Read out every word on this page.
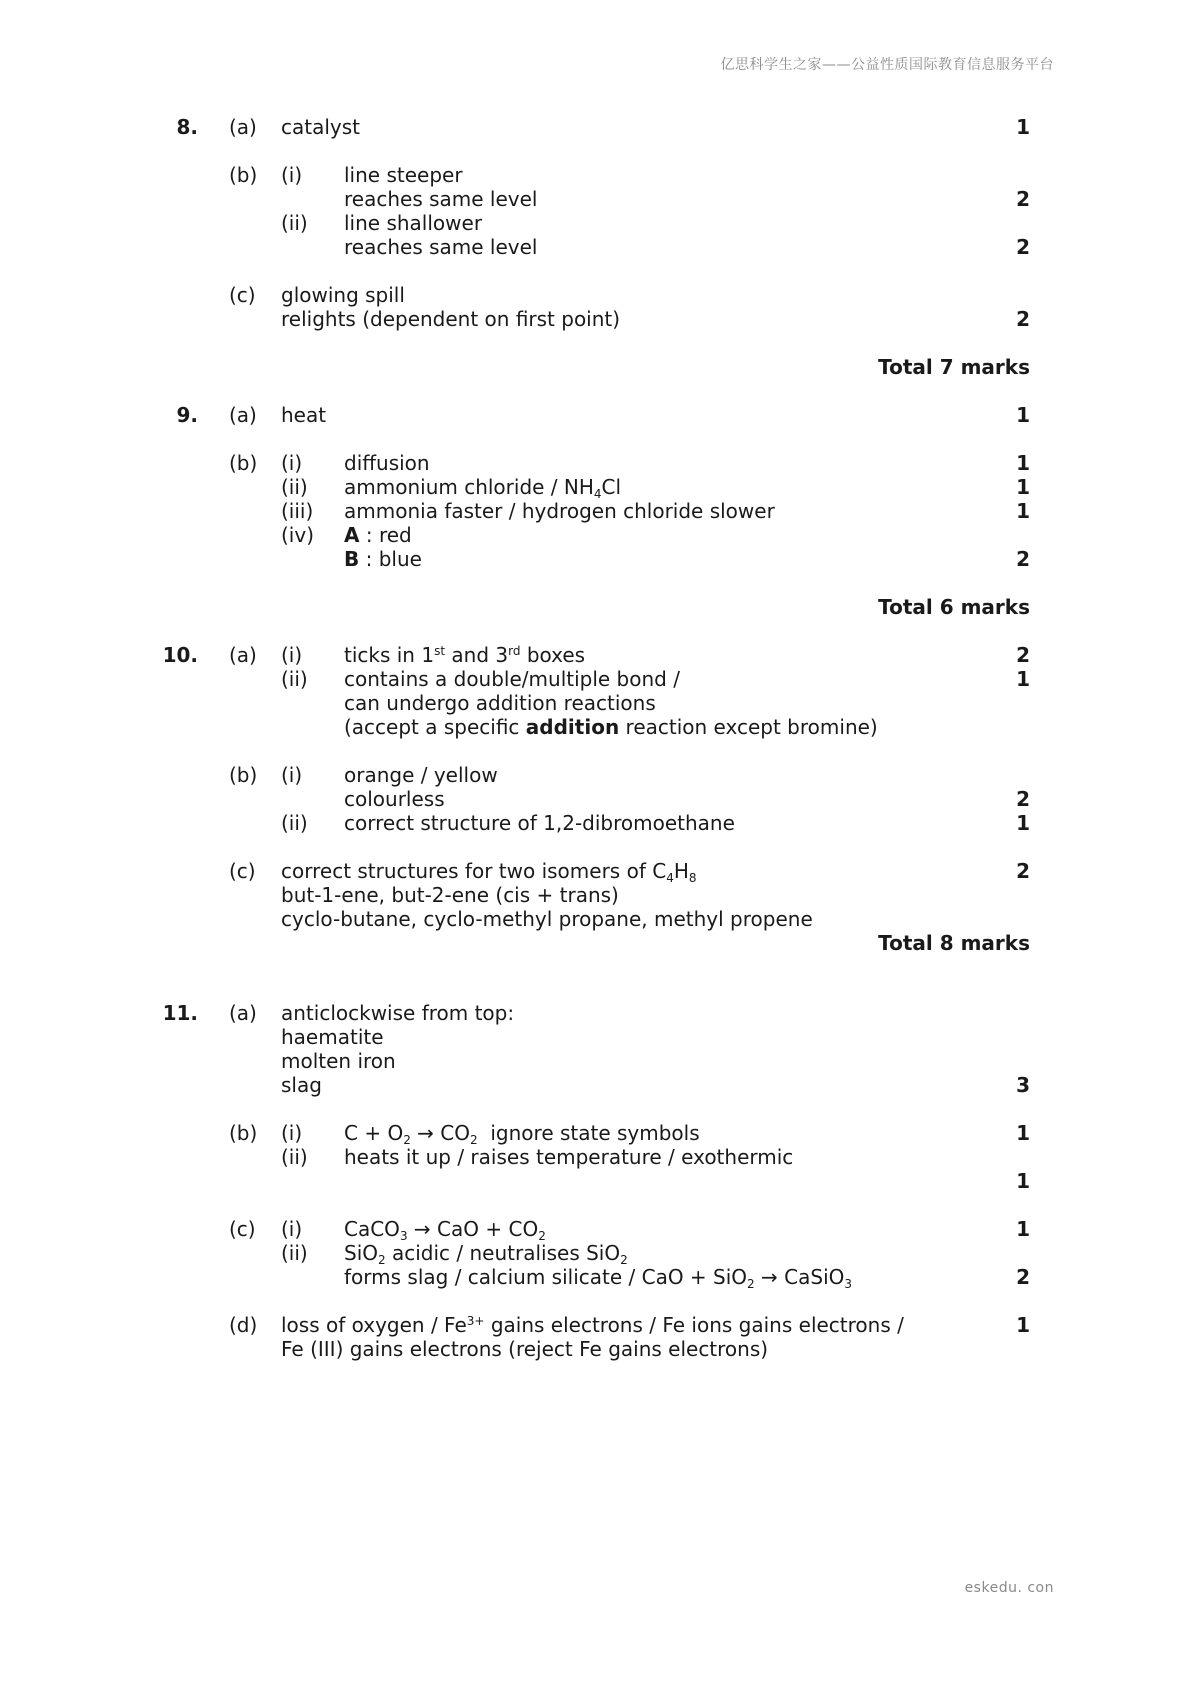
亿思科学生之家——公益性质国际教育信息服务平台
8. (a) catalyst	1
(b) (i) line steeper
reaches same level	2
(ii) line shallower
reaches same level	2
(c) glowing spill
relights (dependent on first point)	2
Total 7 marks
9. (a) heat	1
(b) (i) diffusion	1
(ii) ammonium chloride / $NH_4Cl$	1
(iii) ammonia faster / hydrogen chloride slower	1
(iv) A : red
B : blue	2
Total 6 marks
10. (a) (i) ticks in 1st and 3rd boxes	2
(ii) contains a double/multiple bond /	1
can undergo addition reactions
(accept a specific addition reaction except bromine)
(b) (i) orange / yellow
colourless	2
(ii) correct structure of 1,2-dibromoethane	1
(c) correct structures for two isomers of $C_4H_8$	2
but-1-ene, but-2-ene (cis + trans)
cyclo-butane, cyclo-methyl propane, methyl propene
Total 8 marks
11. (a) anticlockwise from top:
haematite
molten iron
slag	3
(b) (i) $C + O_2 \to CO_2$  ignore state symbols	1
(ii) heats it up / raises temperature / exothermic
1
(c) (i) CaCO$_3$ → CaO + $CO_2$	1
(ii) SiO$_2$ acidic / neutralises SiO$_2$
forms slag / calcium silicate / CaO + SiO$_2$ → CaSiO$_3$	2
(d) loss of oxygen / $Fe^{3+}$ gains electrons / Fe ions gains electrons /	1
Fe (III) gains electrons (reject Fe gains electrons)
eskedu. con
